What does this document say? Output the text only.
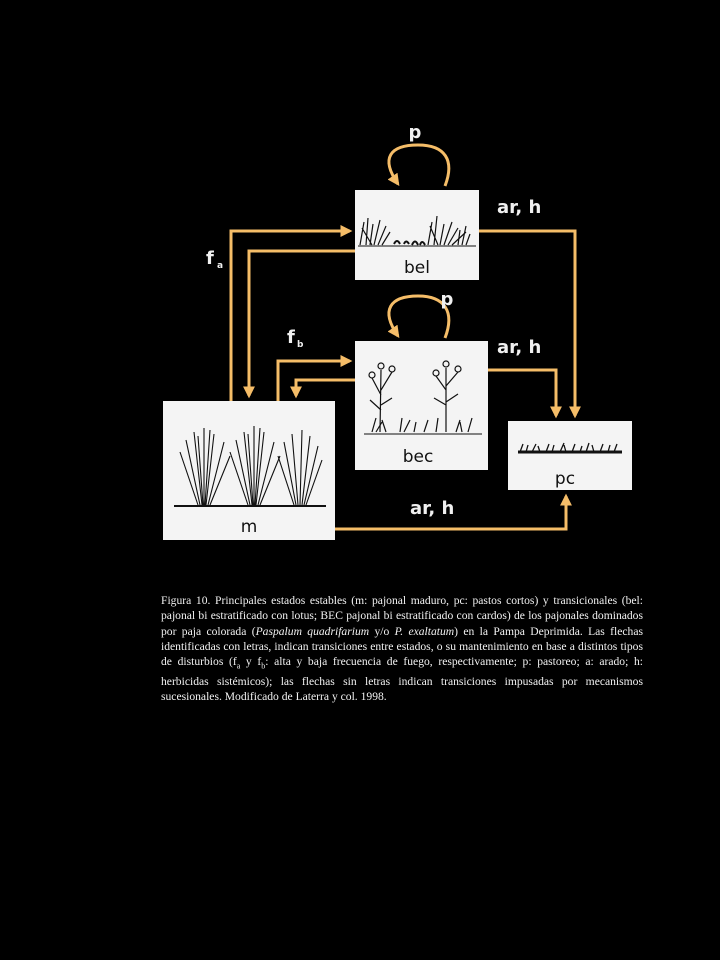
bel
bec
pc
m
p
p
ar, h
ar, h
ar, h
f a
f b
Figura 10. Principales estados estables (m: pajonal maduro, pc: pastos cortos) y transicionales (bel: pajonal bi estratificado con lotus; BEC pajonal bi estratificado con cardos) de los pajonales dominados por paja colorada (Paspalum quadrifarium y/o P. exaltatum) en la Pampa Deprimida. Las flechas identificadas con letras, indican transiciones entre estados, o su mantenimiento en base a distintos tipos de disturbios ($f_a$ y $f_b$: alta y baja frecuencia de fuego, respectivamente; p: pastoreo; a: arado; h: herbicidas sistémicos); las flechas sin letras indican transiciones impusadas por mecanismos sucesionales. Modificado de Laterra y col. 1998.
